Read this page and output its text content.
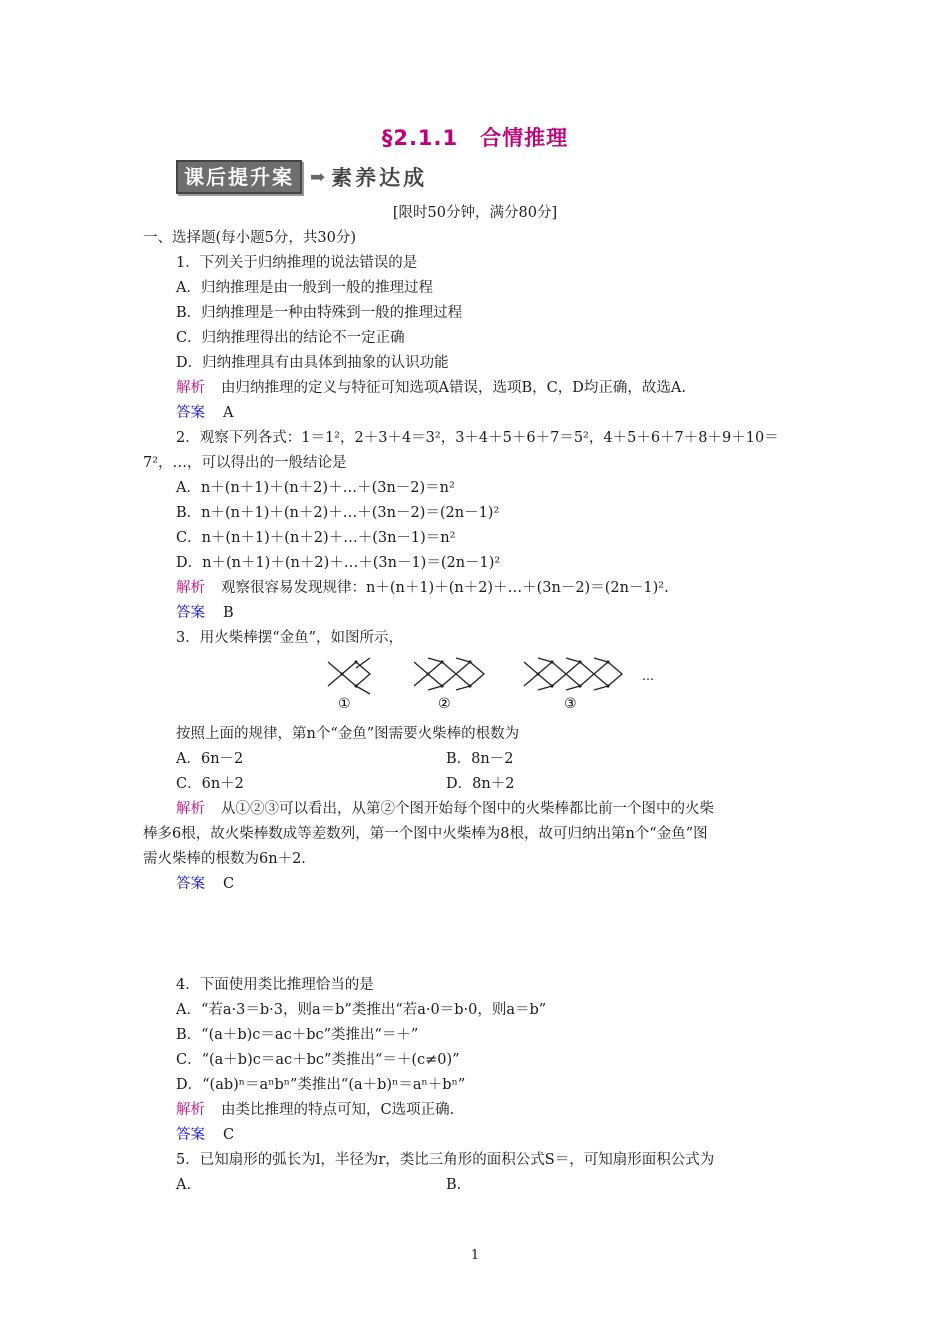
§2.1.1　合情推理
课后提升案 ➡ 素养达成
[限时50分钟，满分80分]
一、选择题(每小题5分，共30分)
1．下列关于归纳推理的说法错误的是
A．归纳推理是由一般到一般的推理过程
B．归纳推理是一种由特殊到一般的推理过程
C．归纳推理得出的结论不一定正确
D．归纳推理具有由具体到抽象的认识功能
解析 由归纳推理的定义与特征可知选项A错误，选项B，C，D均正确，故选A.
答案 A
2．观察下列各式：1＝1²，2＋3＋4＝3²，3＋4＋5＋6＋7＝5²，4＋5＋6＋7＋8＋9＋10＝
7²，…，可以得出的一般结论是
A．n＋(n＋1)＋(n＋2)＋…＋(3n－2)＝n²
B．n＋(n＋1)＋(n＋2)＋…＋(3n－2)＝(2n－1)²
C．n＋(n＋1)＋(n＋2)＋…＋(3n－1)＝n²
D．n＋(n＋1)＋(n＋2)＋…＋(3n－1)＝(2n－1)²
解析 观察很容易发现规律：n＋(n＋1)＋(n＋2)＋…＋(3n－2)＝(2n－1)².
答案 B
3．用火柴棒摆“金鱼”，如图所示，
①	②	③
…
按照上面的规律，第n个“金鱼”图需要火柴棒的根数为
A．6n－2	B．8n－2
C．6n＋2	D．8n＋2
解析 从①②③可以看出，从第②个图开始每个图中的火柴棒都比前一个图中的火柴
棒多6根，故火柴棒数成等差数列，第一个图中火柴棒为8根，故可归纳出第n个“金鱼”图
需火柴棒的根数为6n＋2.
答案 C
4．下面使用类比推理恰当的是
A．“若a·3＝b·3，则a＝b”类推出“若a·0＝b·0，则a＝b”
B．“(a＋b)c＝ac＋bc”类推出“＝＋”
C．“(a＋b)c＝ac＋bc”类推出“＝＋(c≠0)”
D．“(ab)ⁿ＝aⁿbⁿ”类推出“(a＋b)ⁿ＝aⁿ＋bⁿ”
解析 由类比推理的特点可知，C选项正确.
答案 C
5．已知扇形的弧长为l，半径为r，类比三角形的面积公式S＝，可知扇形面积公式为
A.	B.
1
